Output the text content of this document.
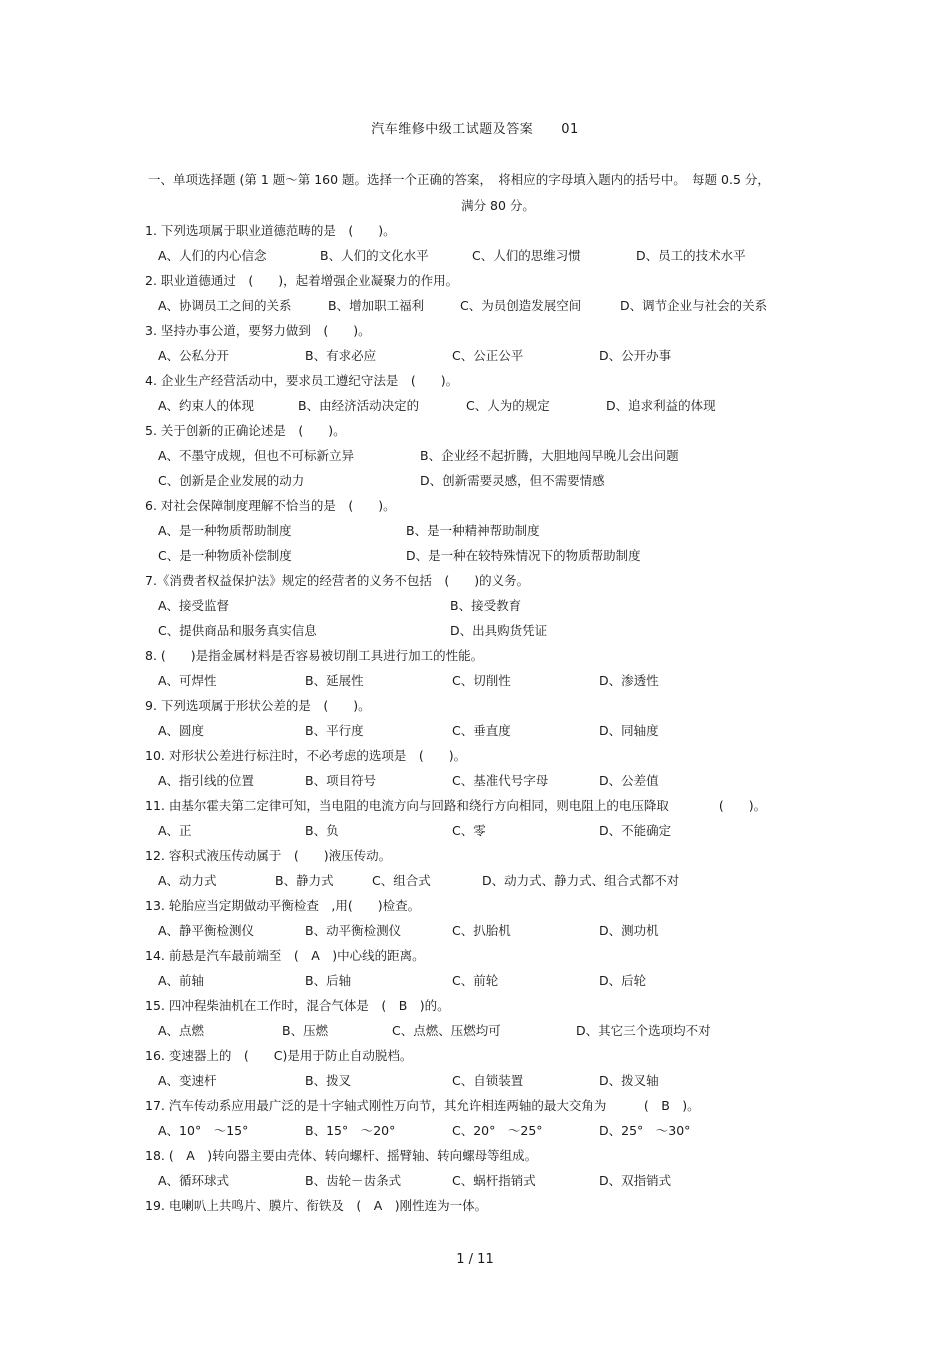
汽车维修中级工试题及答案 01
一、单项选择题 (第 1 题～第 160 题。选择一个正确的答案，　将相应的字母填入题内的括号中。　每题 0.5 分，
满分 80 分。
1. 下列选项属于职业道德范畴的是　(　　)。
A、人们的内心信念	B、人们的文化水平	C、人们的思维习惯	D、员工的技术水平
2. 职业道德通过　(　　)，起着增强企业凝聚力的作用。
A、协调员工之间的关系	B、增加职工福利	C、为员创造发展空间	D、调节企业与社会的关系
3. 坚持办事公道，要努力做到　(　　)。
A、公私分开	B、有求必应	C、公正公平	D、公开办事
4. 企业生产经营活动中，要求员工遵纪守法是　(　　)。
A、约束人的体现	B、由经济活动决定的	C、人为的规定	D、追求利益的体现
5. 关于创新的正确论述是　(　　)。
A、不墨守成规，但也不可标新立异	B、企业经不起折腾，大胆地闯早晚儿会出问题
C、创新是企业发展的动力	D、创新需要灵感，但不需要情感
6. 对社会保障制度理解不恰当的是　(　　)。
A、是一种物质帮助制度	B、是一种精神帮助制度
C、是一种物质补偿制度	D、是一种在较特殊情况下的物质帮助制度
7.《消费者权益保护法》规定的经营者的义务不包括　(　　)的义务。
A、接受监督	B、接受教育
C、提供商品和服务真实信息	D、出具购货凭证
8. (　　)是指金属材料是否容易被切削工具进行加工的性能。
A、可焊性	B、延展性	C、切削性	D、渗透性
9. 下列选项属于形状公差的是　(　　)。
A、圆度	B、平行度	C、垂直度	D、同轴度
10. 对形状公差进行标注时，不必考虑的选项是　(　　)。
A、指引线的位置	B、项目符号	C、基准代号字母	D、公差值
11. 由基尔霍夫第二定律可知，当电阻的电流方向与回路和绕行方向相同，则电阻上的电压降取　　　　(　　)。
A、正	B、负	C、零	D、不能确定
12. 容积式液压传动属于　(　　)液压传动。
A、动力式	B、静力式	C、组合式	D、动力式、静力式、组合式都不对
13. 轮胎应当定期做动平衡检查　,用(　　)检查。
A、静平衡检测仪	B、动平衡检测仪	C、扒胎机	D、测功机
14. 前悬是汽车最前端至　(　A　)中心线的距离。
A、前轴	B、后轴	C、前轮	D、后轮
15. 四冲程柴油机在工作时，混合气体是　(　B　)的。
A、点燃	B、压燃	C、点燃、压燃均可	D、其它三个选项均不对
16. 变速器上的　(　　C)是用于防止自动脱档。
A、变速杆	B、拨叉	C、自锁装置	D、拨叉轴
17. 汽车传动系应用最广泛的是十字轴式刚性万向节，其允许相连两轴的最大交角为　　　(　B　)。
A、10°　～15°	B、15°　～20°	C、20°　～25°	D、25°　～30°
18. (　A　)转向器主要由壳体、转向螺杆、摇臂轴、转向螺母等组成。
A、循环球式	B、齿轮－齿条式	C、蜗杆指销式	D、双指销式
19. 电喇叭上共鸣片、膜片、衔铁及　(　A　)刚性连为一体。
1 / 11
